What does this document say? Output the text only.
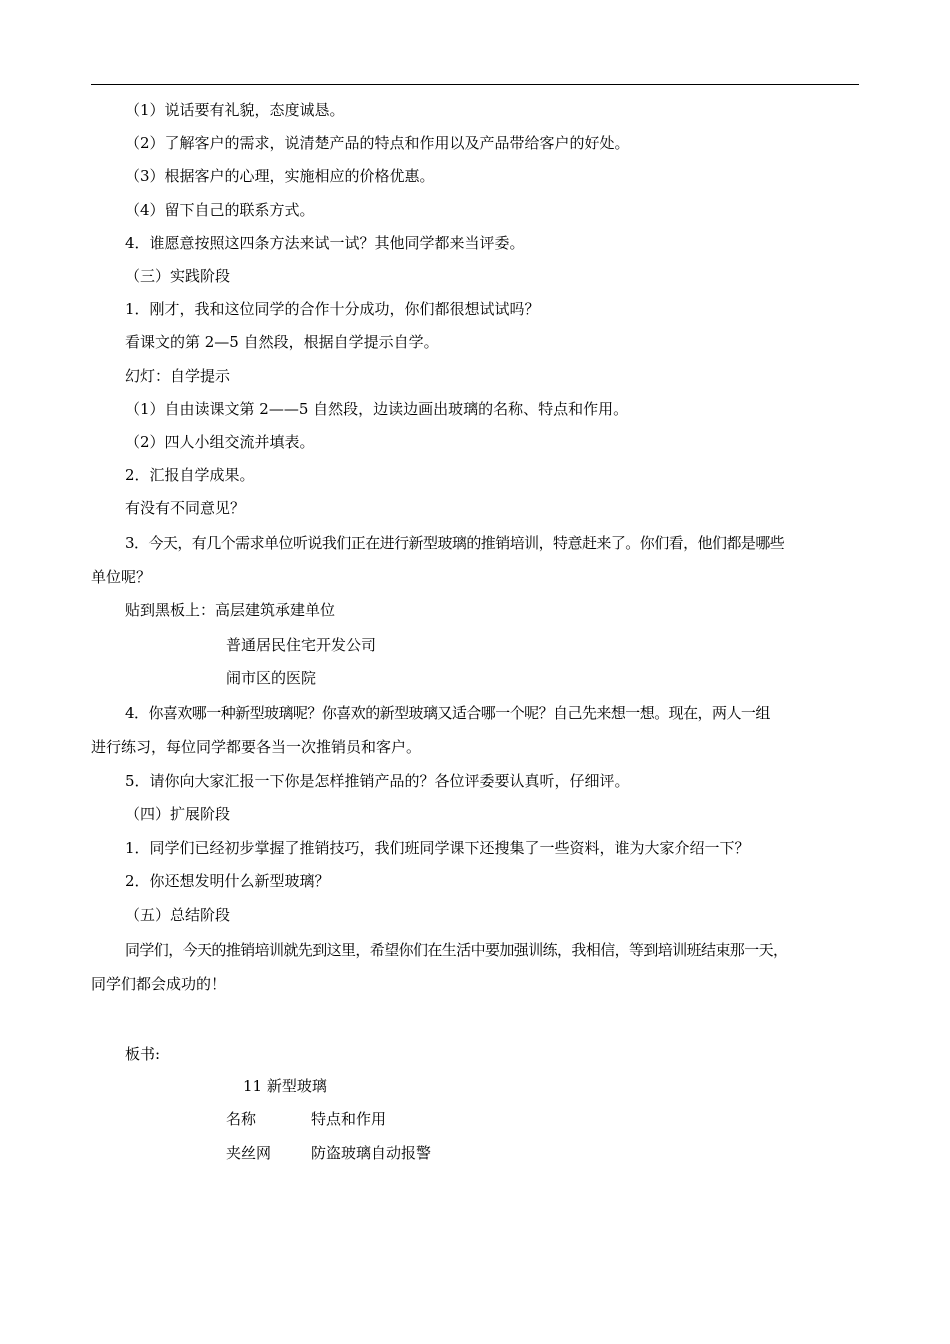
（1）说话要有礼貌，态度诚恳。
（2）了解客户的需求，说清楚产品的特点和作用以及产品带给客户的好处。
（3）根据客户的心理，实施相应的价格优惠。
（4）留下自己的联系方式。
4．谁愿意按照这四条方法来试一试？其他同学都来当评委。
（三）实践阶段
1．刚才，我和这位同学的合作十分成功，你们都很想试试吗？
看课文的第 2—5 自然段，根据自学提示自学。
幻灯：自学提示
（1）自由读课文第 2——5 自然段，边读边画出玻璃的名称、特点和作用。
（2）四人小组交流并填表。
2．汇报自学成果。
有没有不同意见？
3．今天，有几个需求单位听说我们正在进行新型玻璃的推销培训，特意赶来了。你们看，他们都是哪些
单位呢？
贴到黑板上：高层建筑承建单位
普通居民住宅开发公司
闹市区的医院
4．你喜欢哪一种新型玻璃呢？你喜欢的新型玻璃又适合哪一个呢？自己先来想一想。现在，两人一组
进行练习，每位同学都要各当一次推销员和客户。
5．请你向大家汇报一下你是怎样推销产品的？各位评委要认真听，仔细评。
（四）扩展阶段
1．同学们已经初步掌握了推销技巧，我们班同学课下还搜集了一些资料，谁为大家介绍一下？
2．你还想发明什么新型玻璃？
（五）总结阶段
同学们，今天的推销培训就先到这里，希望你们在生活中要加强训练，我相信，等到培训班结束那一天，
同学们都会成功的！
板书:
11 新型玻璃
名称	特点和作用
夹丝网	防盗玻璃自动报警
